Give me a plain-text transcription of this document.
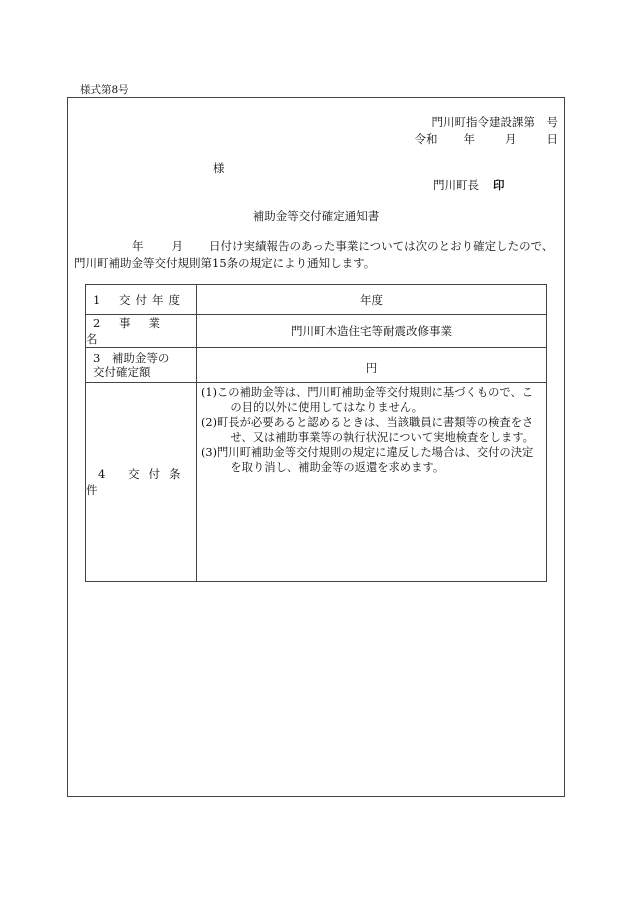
様式第8号
門川町指令建設課第　号
令和 年	月	日
様
門川町長 印
補助金等交付確定通知書
年 月 日付け実績報告のあった事業については次のとおり確定したので、門川町補助金等交付規則第15条の規定により通知します。
1 交付年度	年度
2 事業名	門川町木造住宅等耐震改修事業

3　 補助金等の
交付確定額	円
4 交付条件	(1)この補助金等は、門川町補助金等交付規則に基づくもので、この目的以外に使用してはなりません。

(2)町長が必要あると認めるときは、当該職員に書類等の検査をさせ、又は補助事業等の執行状況について実地検査をします。

(3)門川町補助金等交付規則の規定に違反した場合は、交付の決定を取り消し、補助金等の返還を求めます。
